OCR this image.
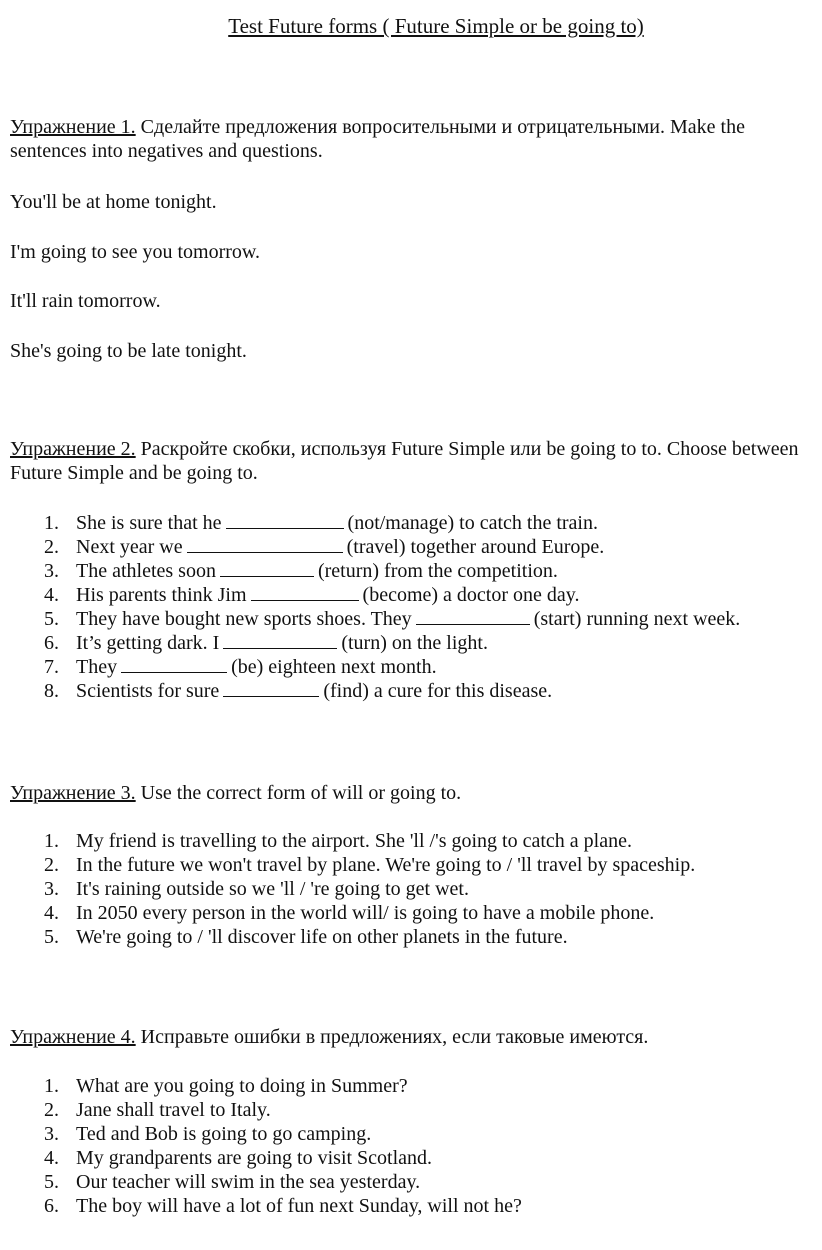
Test Future forms ( Future Simple or be going to)
Упражнение 1. Сделайте предложения вопросительными и отрицательными. Make the sentences into negatives and questions.
You'll be at home tonight.
I'm going to see you tomorrow.
It'll rain tomorrow.
She's going to be late tonight.
Упражнение 2. Раскройте скобки, используя Future Simple или be going to to. Choose between Future Simple and be going to.
1. She is sure that he	(not/manage) to catch the train.
2. Next year we	(travel) together around Europe.
3. The athletes soon	(return) from the competition.
4. His parents think Jim	(become) a doctor one day.
5. They have bought new sports shoes. They	(start) running next week.
6. It’s getting dark. I	(turn) on the light.
7. They	(be) eighteen next month.
8. Scientists for sure	(find) a cure for this disease.
Упражнение 3. Use the correct form of will or going to.
1. My friend is travelling to the airport. She 'll /'s going to catch a plane.
2. In the future we won't travel by plane. We're going to / 'll travel by spaceship.
3. It's raining outside so we 'll / 're going to get wet.
4. In 2050 every person in the world will/ is going to have a mobile phone.
5. We're going to / 'll discover life on other planets in the future.
Упражнение 4. Исправьте ошибки в предложениях, если таковые имеются.
1. What are you going to doing in Summer?
2. Jane shall travel to Italy.
3. Ted and Bob is going to go camping.
4. My grandparents are going to visit Scotland.
5. Our teacher will swim in the sea yesterday.
6. The boy will have a lot of fun next Sunday, will not he?
